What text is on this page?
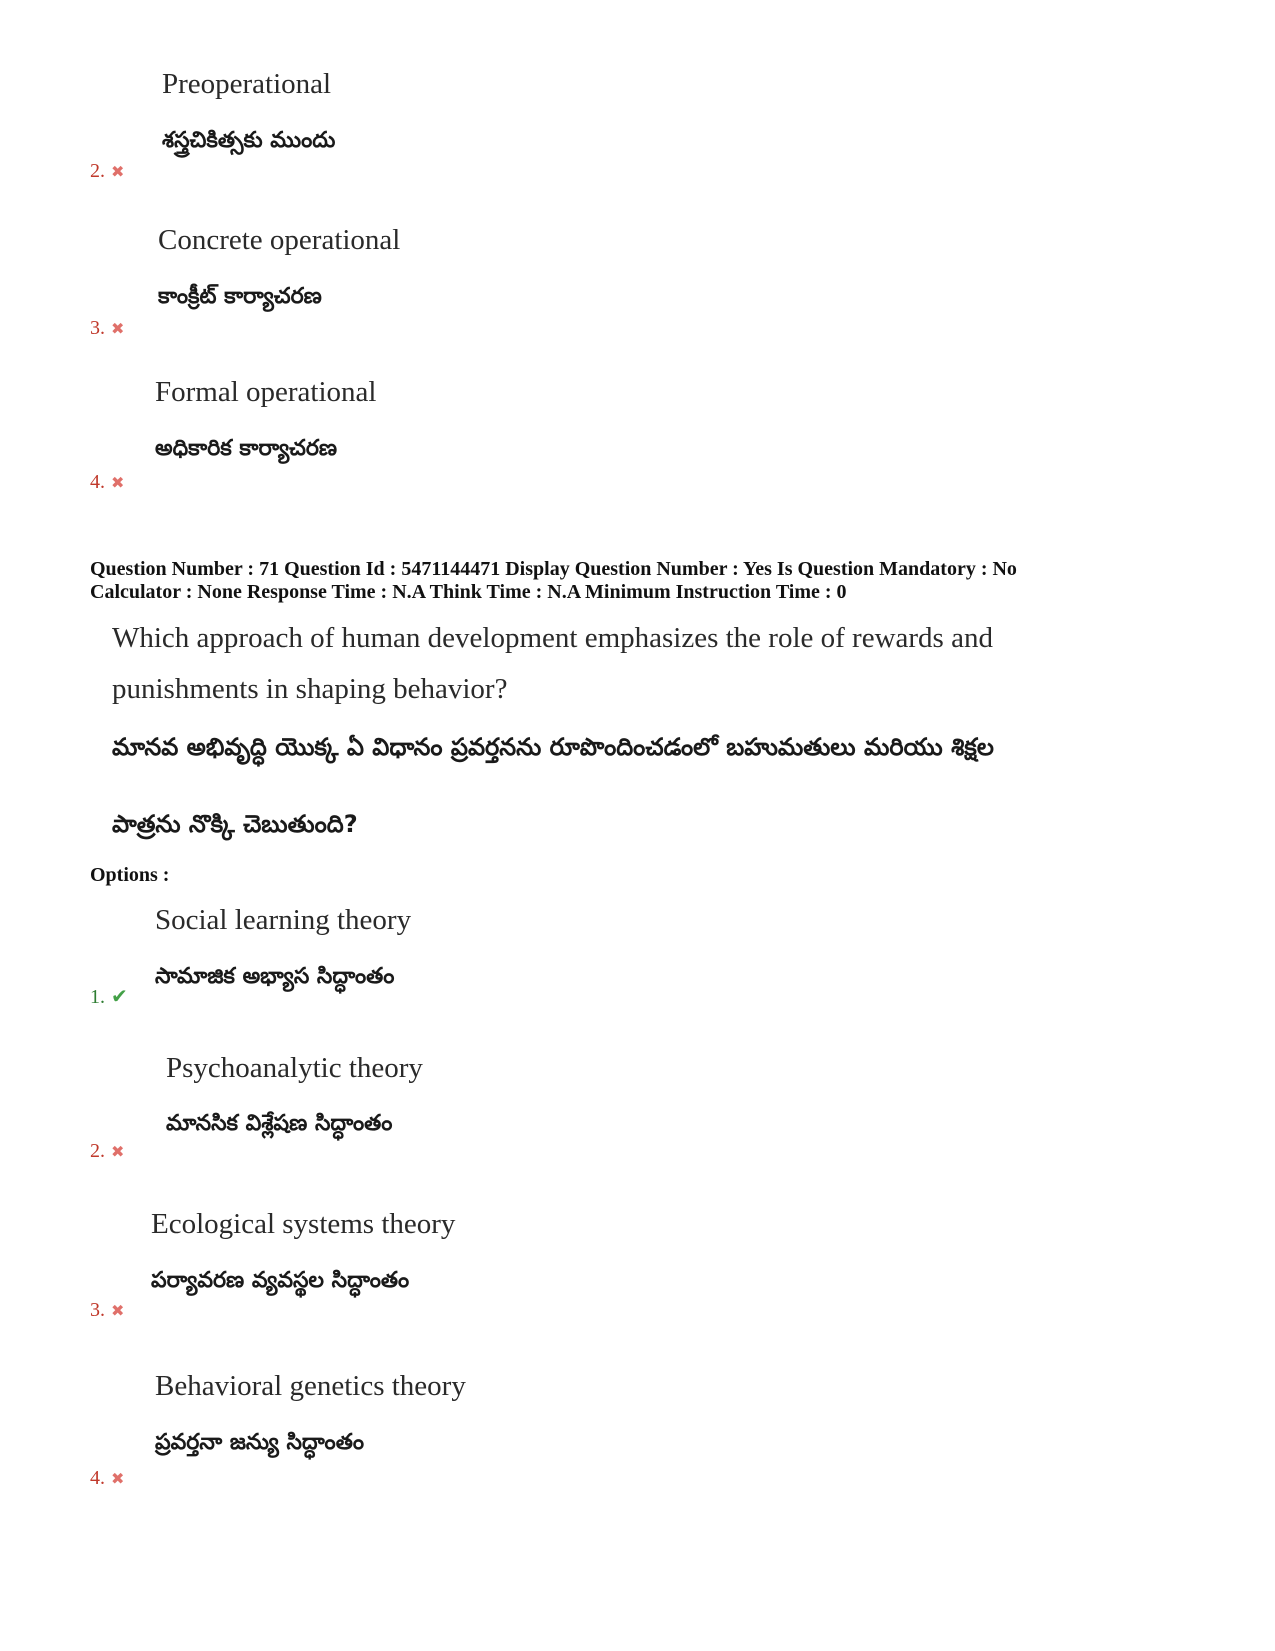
Preoperational
శస్త్రచికిత్సకు ముందు
2. ✖
Concrete operational
కాంక్రీట్ కార్యాచరణ
3. ✖
Formal operational
అధికారిక కార్యాచరణ
4. ✖
Question Number : 71 Question Id : 5471144471 Display Question Number : Yes Is Question Mandatory : No
Calculator : None Response Time : N.A Think Time : N.A Minimum Instruction Time : 0
Which approach of human development emphasizes the role of rewards and
punishments in shaping behavior?
మానవ అభివృద్ధి యొక్క ఏ విధానం ప్రవర్తనను రూపొందించడంలో బహుమతులు మరియు శిక్షల
పాత్రను నొక్కి చెబుతుంది?
Options :
Social learning theory
సామాజిక అభ్యాస సిద్ధాంతం
1. ✔
Psychoanalytic theory
మానసిక విశ్లేషణ సిద్ధాంతం
2. ✖
Ecological systems theory
పర్యావరణ వ్యవస్థల సిద్ధాంతం
3. ✖
Behavioral genetics theory
ప్రవర్తనా జన్యు సిద్ధాంతం
4. ✖
